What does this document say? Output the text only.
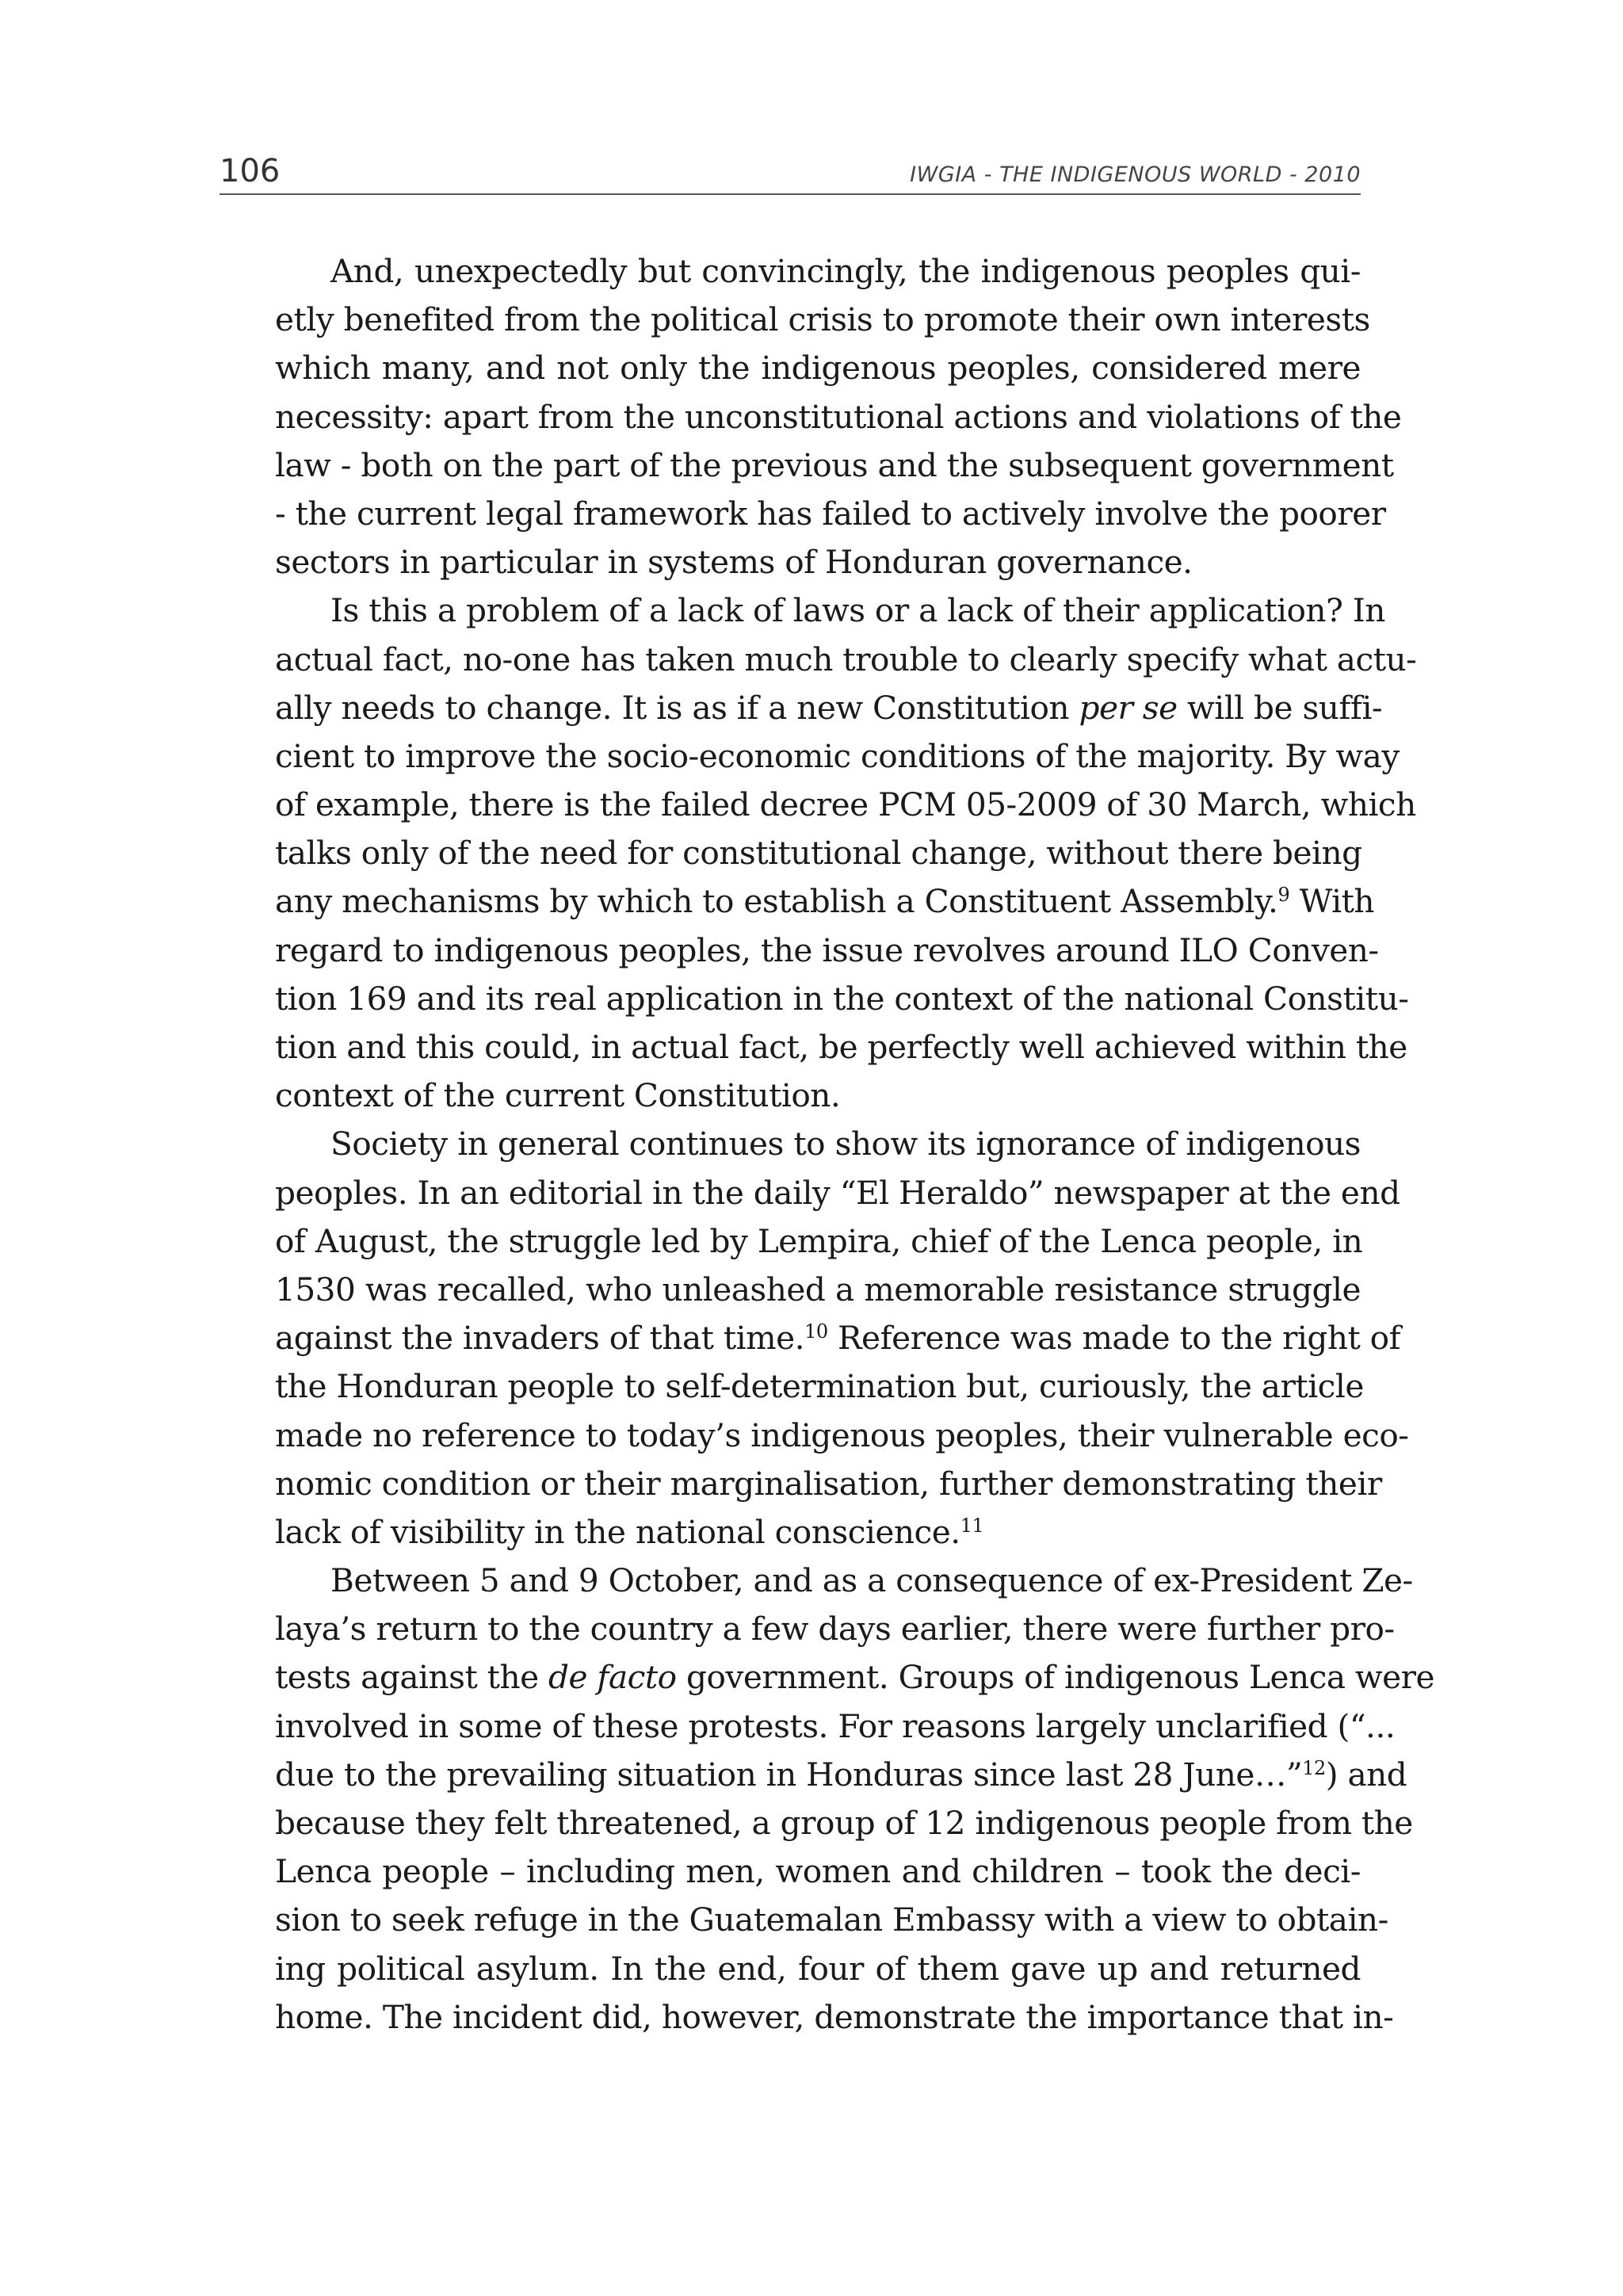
106	IWGIA - THE INDIGENOUS WORLD - 2010
And, unexpectedly but convincingly, the indigenous peoples qui-
etly benefited from the political crisis to promote their own interests
which many, and not only the indigenous peoples, considered mere
necessity: apart from the unconstitutional actions and violations of the
law - both on the part of the previous and the subsequent government
- the current legal framework has failed to actively involve the poorer
sectors in particular in systems of Honduran governance.
Is this a problem of a lack of laws or a lack of their application? In
actual fact, no-one has taken much trouble to clearly specify what actu-
ally needs to change. It is as if a new Constitution per se will be suffi-
cient to improve the socio-economic conditions of the majority. By way
of example, there is the failed decree PCM 05-2009 of 30 March, which
talks only of the need for constitutional change, without there being
any mechanisms by which to establish a Constituent Assembly.$^9$ With
regard to indigenous peoples, the issue revolves around ILO Conven-
tion 169 and its real application in the context of the national Constitu-
tion and this could, in actual fact, be perfectly well achieved within the
context of the current Constitution.
Society in general continues to show its ignorance of indigenous
peoples. In an editorial in the daily “El Heraldo” newspaper at the end
of August, the struggle led by Lempira, chief of the Lenca people, in
1530 was recalled, who unleashed a memorable resistance struggle
against the invaders of that time.$^{10}$ Reference was made to the right of
the Honduran people to self-determination but, curiously, the article
made no reference to today’s indigenous peoples, their vulnerable eco-
nomic condition or their marginalisation, further demonstrating their
lack of visibility in the national conscience.$^{11}$
Between 5 and 9 October, and as a consequence of ex-President Ze-
laya’s return to the country a few days earlier, there were further pro-
tests against the de facto government. Groups of indigenous Lenca were
involved in some of these protests. For reasons largely unclarified (“...
due to the prevailing situation in Honduras since last 28 June…”$^{12}$) and
because they felt threatened, a group of 12 indigenous people from the
Lenca people – including men, women and children – took the deci-
sion to seek refuge in the Guatemalan Embassy with a view to obtain-
ing political asylum. In the end, four of them gave up and returned
home. The incident did, however, demonstrate the importance that in-
